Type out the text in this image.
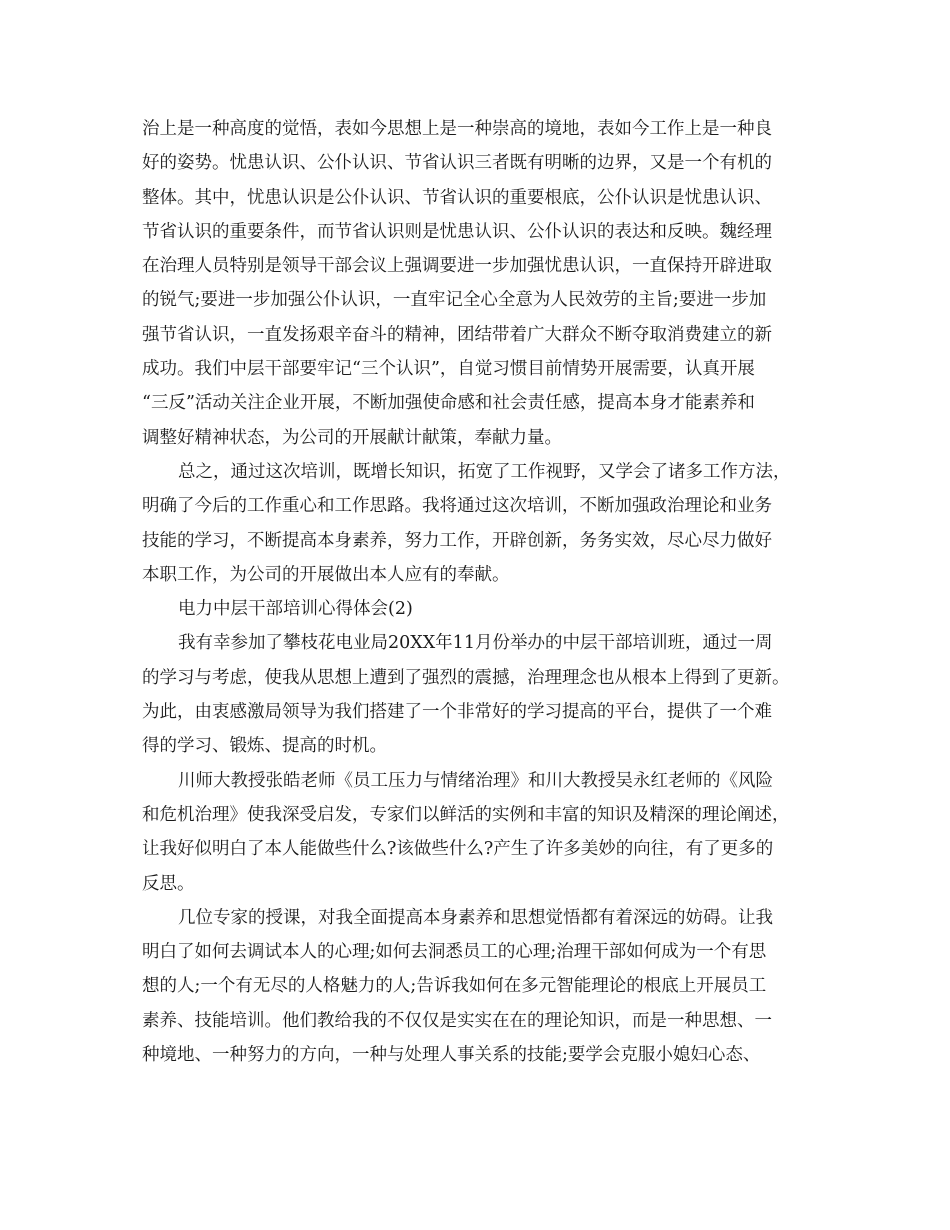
治上是一种高度的觉悟，表如今思想上是一种崇高的境地，表如今工作上是一种良
好的姿势。忧患认识、公仆认识、节省认识三者既有明晰的边界，又是一个有机的
整体。其中，忧患认识是公仆认识、节省认识的重要根底，公仆认识是忧患认识、
节省认识的重要条件，而节省认识则是忧患认识、公仆认识的表达和反映。魏经理
在治理人员特别是领导干部会议上强调要进一步加强忧患认识，一直保持开辟进取
的锐气;要进一步加强公仆认识，一直牢记全心全意为人民效劳的主旨;要进一步加
强节省认识，一直发扬艰辛奋斗的精神，团结带着广大群众不断夺取消费建立的新
成功。我们中层干部要牢记“三个认识”，自觉习惯目前情势开展需要，认真开展
“三反”活动关注企业开展，不断加强使命感和社会责任感，提高本身才能素养和
调整好精神状态，为公司的开展献计献策，奉献力量。
总之，通过这次培训，既增长知识，拓宽了工作视野，又学会了诸多工作方法，
明确了今后的工作重心和工作思路。我将通过这次培训，不断加强政治理论和业务
技能的学习，不断提高本身素养，努力工作，开辟创新，务务实效，尽心尽力做好
本职工作，为公司的开展做出本人应有的奉献。
电力中层干部培训心得体会(2)
我有幸参加了攀枝花电业局20XX年11月份举办的中层干部培训班，通过一周
的学习与考虑，使我从思想上遭到了强烈的震撼，治理理念也从根本上得到了更新。
为此，由衷感激局领导为我们搭建了一个非常好的学习提高的平台，提供了一个难
得的学习、锻炼、提高的时机。
川师大教授张皓老师《员工压力与情绪治理》和川大教授吴永红老师的《风险
和危机治理》使我深受启发，专家们以鲜活的实例和丰富的知识及精深的理论阐述，
让我好似明白了本人能做些什么?该做些什么?产生了许多美妙的向往，有了更多的
反思。
几位专家的授课，对我全面提高本身素养和思想觉悟都有着深远的妨碍。让我
明白了如何去调试本人的心理;如何去洞悉员工的心理;治理干部如何成为一个有思
想的人;一个有无尽的人格魅力的人;告诉我如何在多元智能理论的根底上开展员工
素养、技能培训。他们教给我的不仅仅是实实在在的理论知识，而是一种思想、一
种境地、一种努力的方向，一种与处理人事关系的技能;要学会克服小媳妇心态、
